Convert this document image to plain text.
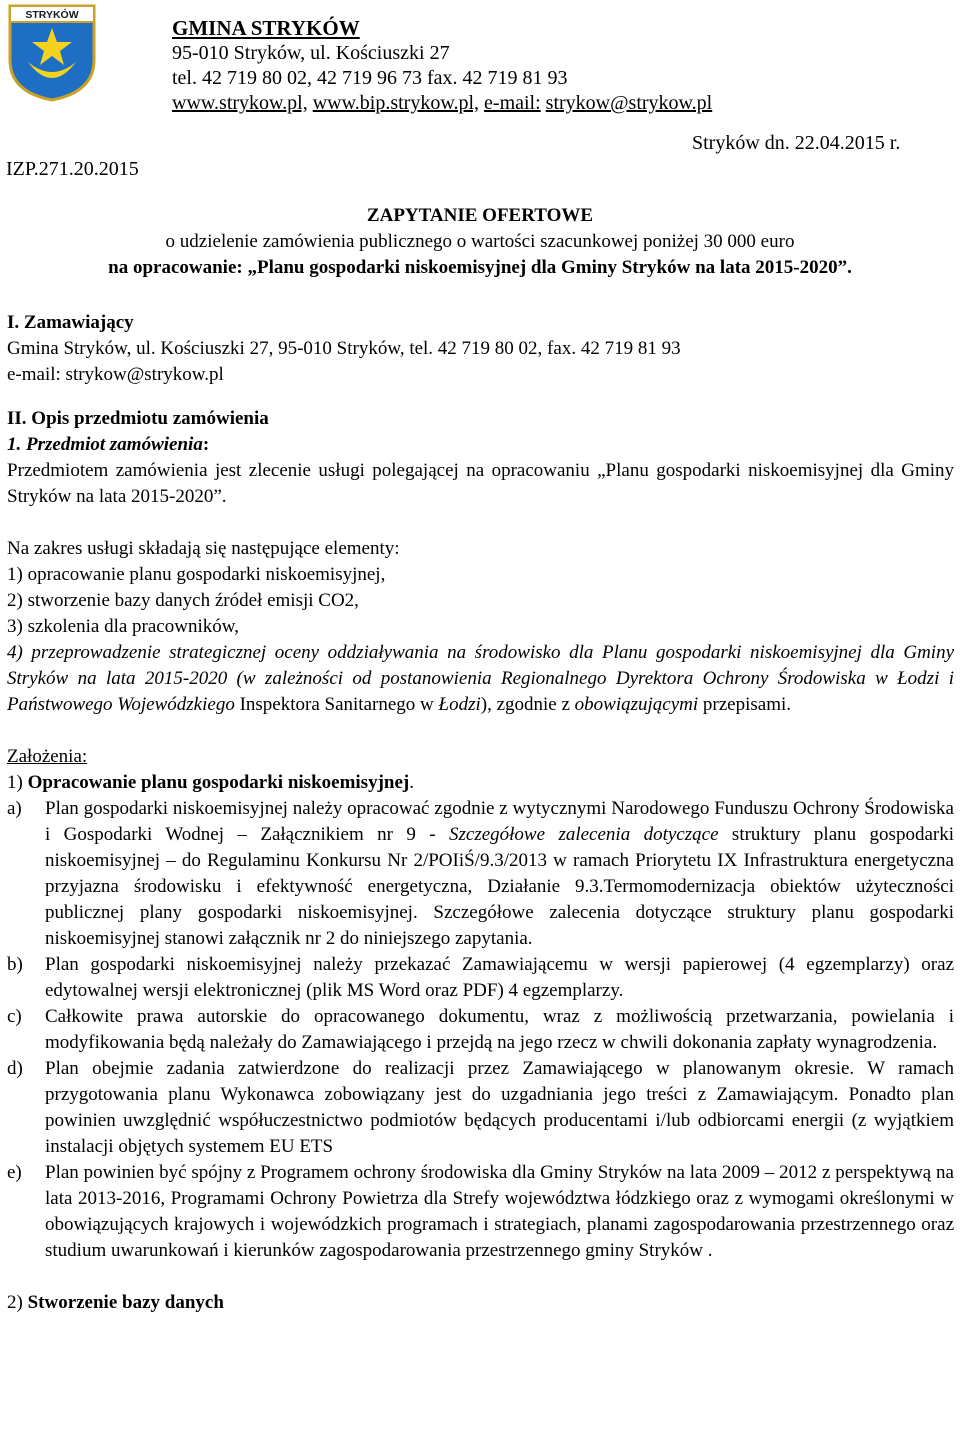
STRYKÓW
GMINA STRYKÓW
95-010 Stryków, ul. Kościuszki 27
tel. 42 719 80 02, 42 719 96 73 fax. 42 719 81 93
www.strykow.pl, www.bip.strykow.pl, e-mail: strykow@strykow.pl
Stryków dn. 22.04.2015 r.
IZP.271.20.2015
ZAPYTANIE OFERTOWE
o udzielenie zamówienia publicznego o wartości szacunkowej poniżej 30 000 euro
na opracowanie: „Planu gospodarki niskoemisyjnej dla Gminy Stryków na lata 2015-2020”.

I. Zamawiający

Gmina Stryków, ul. Kościuszki 27, 95-010 Stryków, tel. 42 719 80 02, fax. 42 719 81 93

e-mail: strykow@strykow.pl

II. Opis przedmiotu zamówienia

1. Przedmiot zamówienia:

Przedmiotem zamówienia jest zlecenie usługi polegającej na opracowaniu „Planu gospodarki niskoemisyjnej dla Gminy Stryków na lata 2015-2020”.

Na zakres usługi składają się następujące elementy:

1) opracowanie planu gospodarki niskoemisyjnej,

2) stworzenie bazy danych źródeł emisji CO2,

3) szkolenia dla pracowników,

4) przeprowadzenie strategicznej oceny oddziaływania na środowisko dla Planu gospodarki niskoemisyjnej dla Gminy Stryków na lata 2015-2020 (w zależności od postanowienia Regionalnego Dyrektora Ochrony Środowiska w Łodzi i Państwowego Wojewódzkiego Inspektora Sanitarnego w Łodzi), zgodnie z obowiązującymi przepisami.

Założenia:

1) Opracowanie planu gospodarki niskoemisyjnej.

a) Plan gospodarki niskoemisyjnej należy opracować zgodnie z wytycznymi Narodowego Funduszu Ochrony Środowiska i Gospodarki Wodnej – Załącznikiem nr 9 - Szczegółowe zalecenia dotyczące struktury planu gospodarki niskoemisyjnej – do Regulaminu Konkursu Nr 2/POIiŚ/9.3/2013 w ramach Priorytetu IX Infrastruktura energetyczna przyjazna środowisku i efektywność energetyczna, Działanie 9.3.Termomodernizacja obiektów użyteczności publicznej plany gospodarki niskoemisyjnej. Szczegółowe zalecenia dotyczące struktury planu gospodarki niskoemisyjnej stanowi załącznik nr 2 do niniejszego zapytania.
b) Plan gospodarki niskoemisyjnej należy przekazać Zamawiającemu w wersji papierowej (4 egzemplarzy) oraz edytowalnej wersji elektronicznej (plik MS Word oraz PDF) 4 egzemplarzy.
c) Całkowite prawa autorskie do opracowanego dokumentu, wraz z możliwością przetwarzania, powielania i modyfikowania będą należały do Zamawiającego i przejdą na jego rzecz w chwili dokonania zapłaty wynagrodzenia.
d) Plan obejmie zadania zatwierdzone do realizacji przez Zamawiającego w planowanym okresie. W ramach przygotowania planu Wykonawca zobowiązany jest do uzgadniania jego treści z Zamawiającym. Ponadto plan powinien uwzględnić współuczestnictwo podmiotów będących producentami i/lub odbiorcami energii (z wyjątkiem instalacji objętych systemem EU ETS
e) Plan powinien być spójny z Programem ochrony środowiska dla Gminy Stryków na lata 2009 – 2012 z perspektywą na lata 2013-2016, Programami Ochrony Powietrza dla Strefy województwa łódzkiego oraz z wymogami określonymi w obowiązujących krajowych i wojewódzkich programach i strategiach, planami zagospodarowania przestrzennego oraz studium uwarunkowań i kierunków zagospodarowania przestrzennego gminy Stryków .

2) Stworzenie bazy danych
